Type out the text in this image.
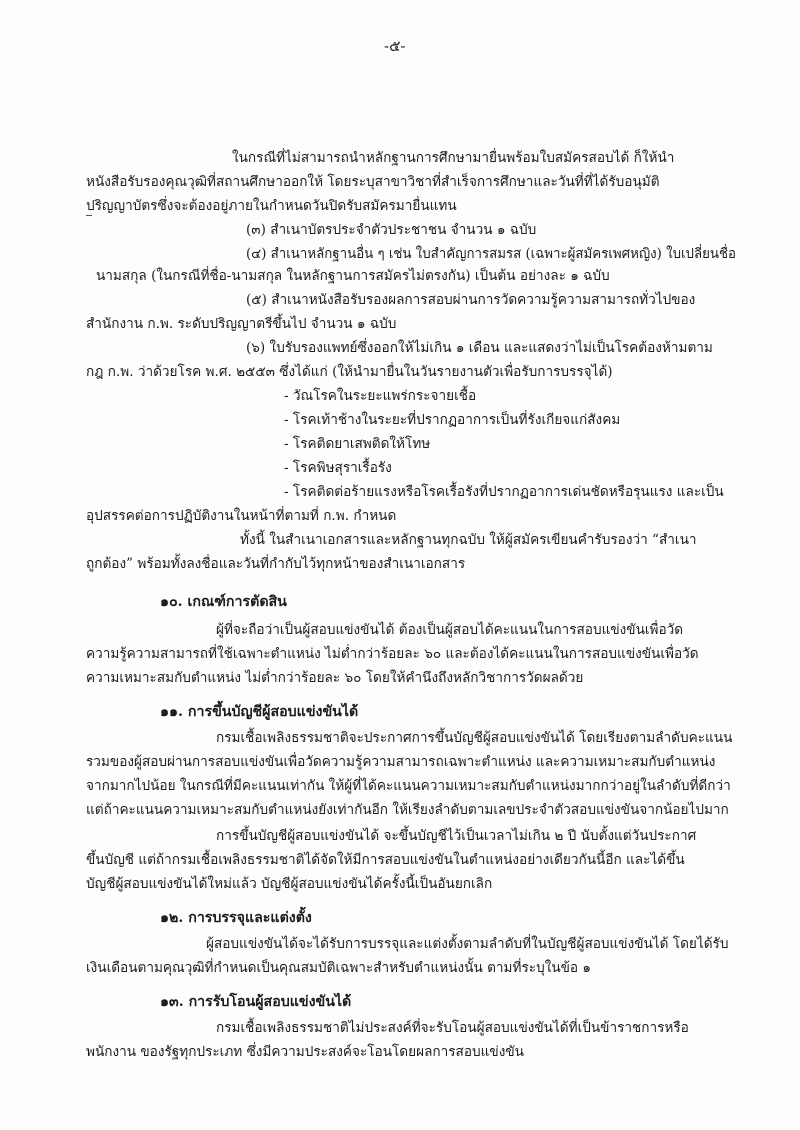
-๕-
ในกรณีที่ไม่สามารถนำหลักฐานการศึกษามายื่นพร้อมใบสมัครสอบได้ ก็ให้นำ
หนังสือรับรองคุณวุฒิที่สถานศึกษาออกให้ โดยระบุสาขาวิชาที่สำเร็จการศึกษาและวันที่ที่ได้รับอนุมัติ
ปริญญาบัตรซึ่งจะต้องอยู่ภายในกำหนดวันปิดรับสมัครมายื่นแทน
(๓) สำเนาบัตรประจำตัวประชาชน จำนวน ๑ ฉบับ
(๔) สำเนาหลักฐานอื่น ๆ เช่น ใบสำคัญการสมรส (เฉพาะผู้สมัครเพศหญิง) ใบเปลี่ยนชื่อ
นามสกุล (ในกรณีที่ชื่อ-นามสกุล ในหลักฐานการสมัครไม่ตรงกัน) เป็นต้น อย่างละ ๑ ฉบับ
(๕) สำเนาหนังสือรับรองผลการสอบผ่านการวัดความรู้ความสามารถทั่วไปของ
สำนักงาน ก.พ. ระดับปริญญาตรีขึ้นไป จำนวน ๑ ฉบับ
(๖) ใบรับรองแพทย์ซึ่งออกให้ไม่เกิน ๑ เดือน และแสดงว่าไม่เป็นโรคต้องห้ามตาม
กฎ ก.พ. ว่าด้วยโรค พ.ศ. ๒๕๕๓ ซึ่งได้แก่ (ให้นำมายื่นในวันรายงานตัวเพื่อรับการบรรจุได้)
- วัณโรคในระยะแพร่กระจายเชื้อ
- โรคเท้าช้างในระยะที่ปรากฏอาการเป็นที่รังเกียจแก่สังคม
- โรคติดยาเสพติดให้โทษ
- โรคพิษสุราเรื้อรัง
- โรคติดต่อร้ายแรงหรือโรคเรื้อรังที่ปรากฏอาการเด่นชัดหรือรุนแรง และเป็น
อุปสรรคต่อการปฏิบัติงานในหน้าที่ตามที่ ก.พ. กำหนด
ทั้งนี้ ในสำเนาเอกสารและหลักฐานทุกฉบับ ให้ผู้สมัครเขียนคำรับรองว่า “สำเนา
ถูกต้อง” พร้อมทั้งลงชื่อและวันที่กำกับไว้ทุกหน้าของสำเนาเอกสาร
๑๐. เกณฑ์การตัดสิน
ผู้ที่จะถือว่าเป็นผู้สอบแข่งขันได้ ต้องเป็นผู้สอบได้คะแนนในการสอบแข่งขันเพื่อวัด
ความรู้ความสามารถที่ใช้เฉพาะตำแหน่ง ไม่ต่ำกว่าร้อยละ ๖๐ และต้องได้คะแนนในการสอบแข่งขันเพื่อวัด
ความเหมาะสมกับตำแหน่ง ไม่ต่ำกว่าร้อยละ ๖๐ โดยให้คำนึงถึงหลักวิชาการวัดผลด้วย
๑๑. การขึ้นบัญชีผู้สอบแข่งขันได้
กรมเชื้อเพลิงธรรมชาติจะประกาศการขึ้นบัญชีผู้สอบแข่งขันได้ โดยเรียงตามลำดับคะแนน
รวมของผู้สอบผ่านการสอบแข่งขันเพื่อวัดความรู้ความสามารถเฉพาะตำแหน่ง และความเหมาะสมกับตำแหน่ง
จากมากไปน้อย ในกรณีที่มีคะแนนเท่ากัน ให้ผู้ที่ได้คะแนนความเหมาะสมกับตำแหน่งมากกว่าอยู่ในลำดับที่ดีกว่า
แต่ถ้าคะแนนความเหมาะสมกับตำแหน่งยังเท่ากันอีก ให้เรียงลำดับตามเลขประจำตัวสอบแข่งขันจากน้อยไปมาก
การขึ้นบัญชีผู้สอบแข่งขันได้ จะขึ้นบัญชีไว้เป็นเวลาไม่เกิน ๒ ปี นับตั้งแต่วันประกาศ
ขึ้นบัญชี แต่ถ้ากรมเชื้อเพลิงธรรมชาติได้จัดให้มีการสอบแข่งขันในตำแหน่งอย่างเดียวกันนี้อีก และได้ขึ้น
บัญชีผู้สอบแข่งขันได้ใหม่แล้ว บัญชีผู้สอบแข่งขันได้ครั้งนี้เป็นอันยกเลิก
๑๒. การบรรจุและแต่งตั้ง
ผู้สอบแข่งขันได้จะได้รับการบรรจุและแต่งตั้งตามลำดับที่ในบัญชีผู้สอบแข่งขันได้ โดยได้รับ
เงินเดือนตามคุณวุฒิที่กำหนดเป็นคุณสมบัติเฉพาะสำหรับตำแหน่งนั้น ตามที่ระบุในข้อ ๑
๑๓. การรับโอนผู้สอบแข่งขันได้
กรมเชื้อเพลิงธรรมชาติไม่ประสงค์ที่จะรับโอนผู้สอบแข่งขันได้ที่เป็นข้าราชการหรือ
พนักงาน ของรัฐทุกประเภท ซึ่งมีความประสงค์จะโอนโดยผลการสอบแข่งขัน
